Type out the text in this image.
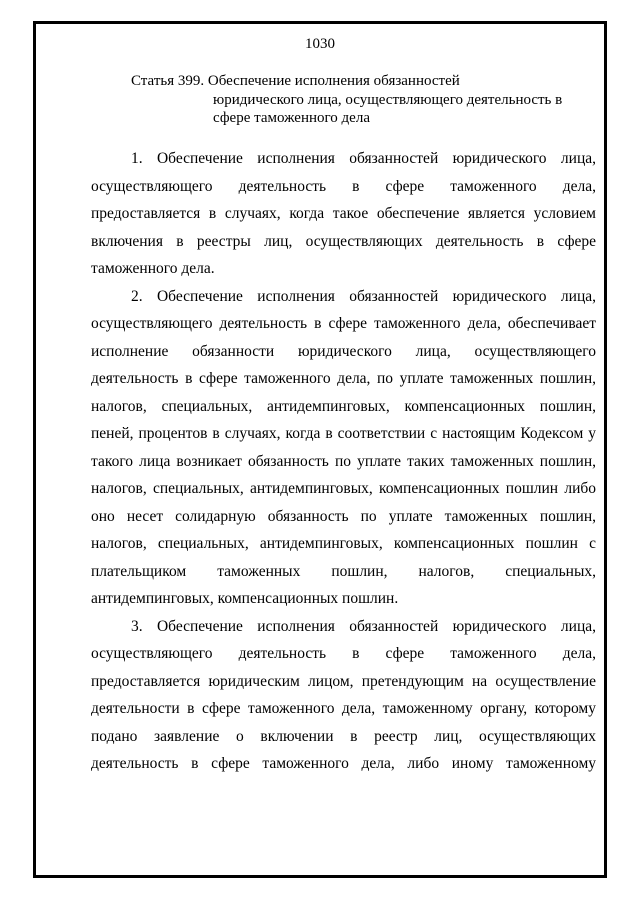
1030
Статья 399. Обеспечение исполнения обязанностей
юридического лица, осуществляющего деятельность в сфере таможенного дела

1. Обеспечение исполнения обязанностей юридического лица, осуществляющего деятельность в сфере таможенного дела, предоставляется в случаях, когда такое обеспечение является условием включения в реестры лиц, осуществляющих деятельность в сфере таможенного дела.

2. Обеспечение исполнения обязанностей юридического лица, осуществляющего деятельность в сфере таможенного дела, обеспечивает исполнение обязанности юридического лица, осуществляющего деятельность в сфере таможенного дела, по уплате таможенных пошлин, налогов, специальных, антидемпинговых, компенсационных пошлин, пеней, процентов в случаях, когда в соответствии с настоящим Кодексом у такого лица возникает обязанность по уплате таких таможенных пошлин, налогов, специальных, антидемпинговых, компенсационных пошлин либо оно несет солидарную обязанность по уплате таможенных пошлин, налогов, специальных, антидемпинговых, компенсационных пошлин с плательщиком таможенных пошлин, налогов, специальных, антидемпинговых, компенсационных пошлин.

3. Обеспечение исполнения обязанностей юридического лица, осуществляющего деятельность в сфере таможенного дела, предоставляется юридическим лицом, претендующим на осуществление деятельности в сфере таможенного дела, таможенному органу, которому подано заявление о включении в реестр лиц, осуществляющих деятельность в сфере таможенного дела, либо иному таможенному
